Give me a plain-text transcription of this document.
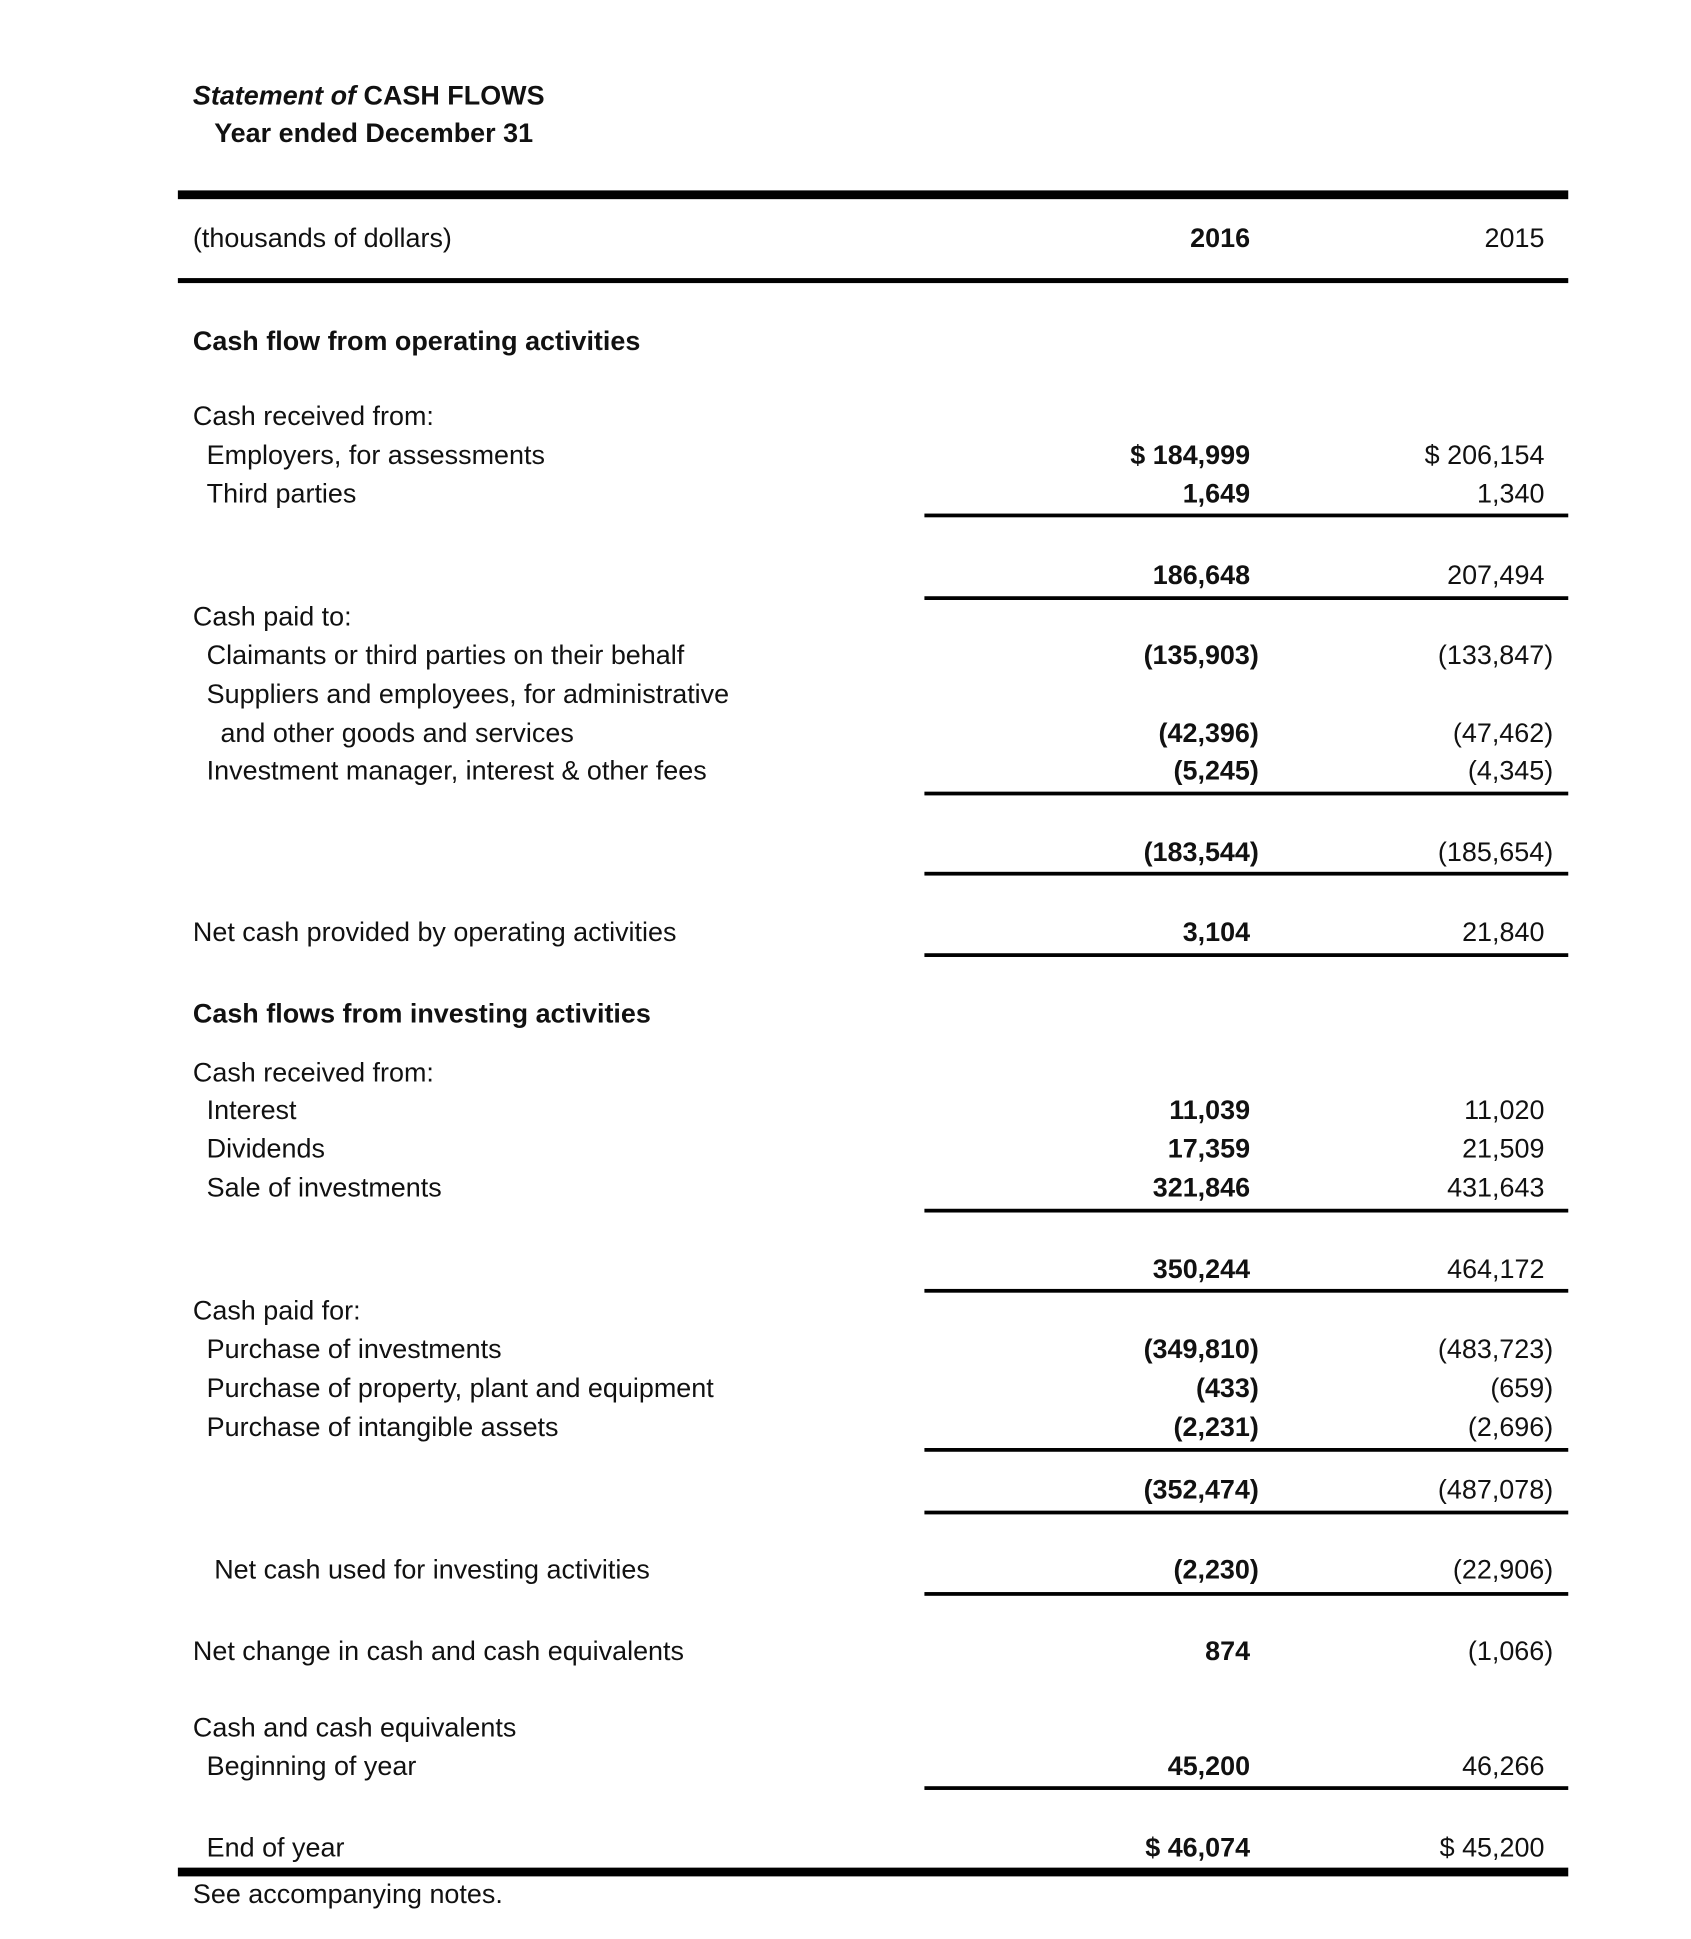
Statement of CASH FLOWS
Year ended December 31
(thousands of dollars)	2016	2015
Cash flow from operating activities
Cash received from:
Employers, for assessments	$ 184,999	$ 206,154
Third parties	1,649	1,340
186,648	207,494
Cash paid to:
Claimants or third parties on their behalf	(135,903)	(133,847)
Suppliers and employees, for administrative
and other goods and services	(42,396)	(47,462)
Investment manager, interest & other fees	(5,245)	(4,345)
(183,544)	(185,654)
Net cash provided by operating activities	3,104	21,840
Cash flows from investing activities
Cash received from:
Interest	11,039	11,020
Dividends	17,359	21,509
Sale of investments	321,846	431,643
350,244	464,172
Cash paid for:
Purchase of investments	(349,810)	(483,723)
Purchase of property, plant and equipment	(433)	(659)
Purchase of intangible assets	(2,231)	(2,696)
(352,474)	(487,078)
Net cash used for investing activities	(2,230)	(22,906)
Net change in cash and cash equivalents	874	(1,066)
Cash and cash equivalents
Beginning of year	45,200	46,266
End of year	$ 46,074	$ 45,200
See accompanying notes.
